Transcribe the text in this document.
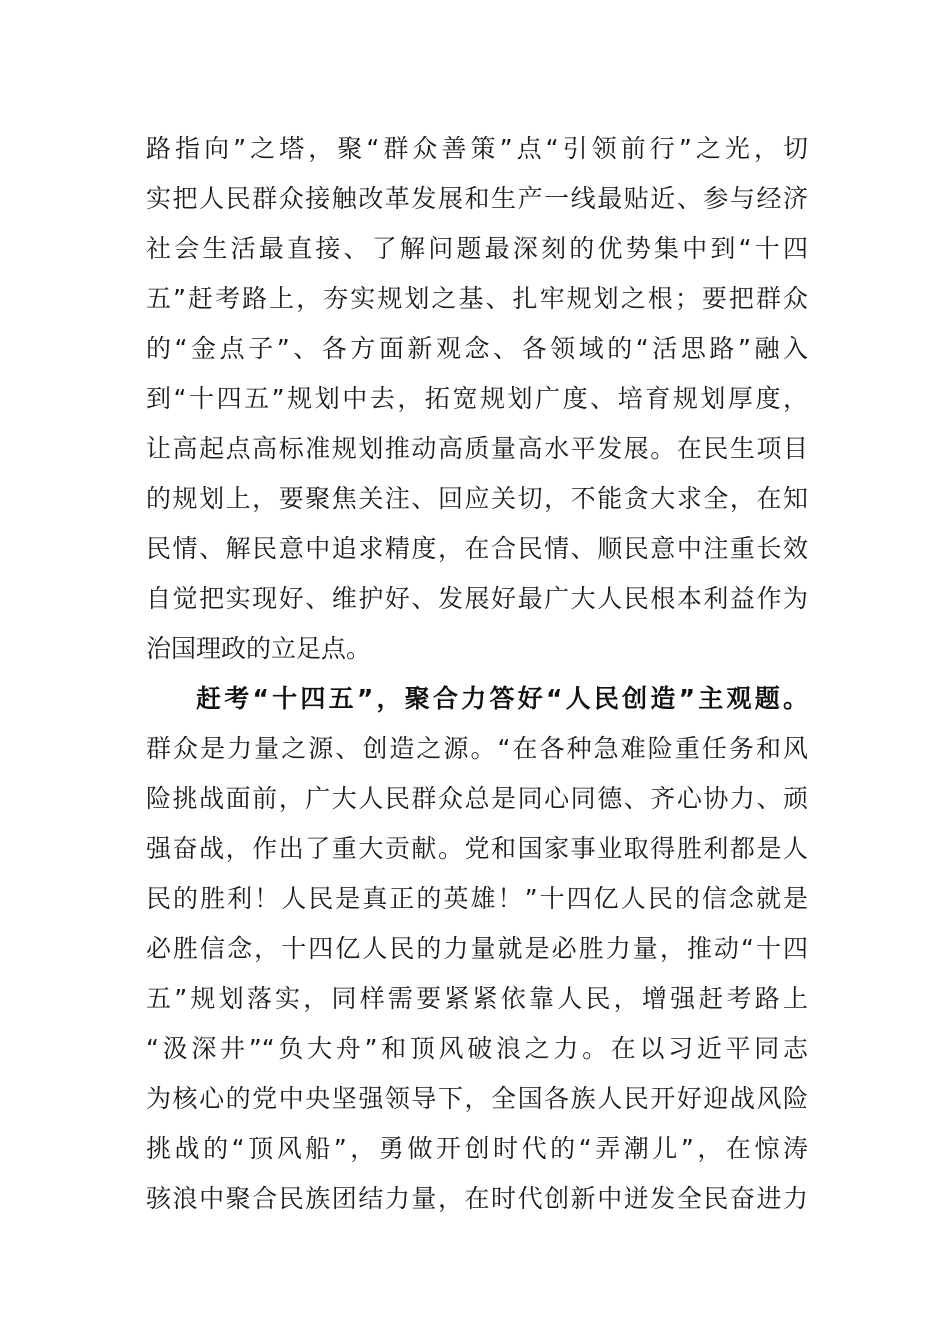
路指向”之塔，聚“群众善策”点“引领前行”之光，切
实把人民群众接触改革发展和生产一线最贴近、参与经济
社会生活最直接、了解问题最深刻的优势集中到“十四
五”赶考路上，夯实规划之基、扎牢规划之根；要把群众
的“金点子”、各方面新观念、各领域的“活思路”融入
到“十四五”规划中去，拓宽规划广度、培育规划厚度，
让高起点高标准规划推动高质量高水平发展。在民生项目
的规划上，要聚焦关注、回应关切，不能贪大求全，在知
民情、解民意中追求精度，在合民情、顺民意中注重长效
自觉把实现好、维护好、发展好最广大人民根本利益作为
治国理政的立足点。
赶考“十四五”，聚合力答好“人民创造”主观题。
群众是力量之源、创造之源。“在各种急难险重任务和风
险挑战面前，广大人民群众总是同心同德、齐心协力、顽
强奋战，作出了重大贡献。党和国家事业取得胜利都是人
民的胜利！人民是真正的英雄！”十四亿人民的信念就是
必胜信念，十四亿人民的力量就是必胜力量，推动“十四
五”规划落实，同样需要紧紧依靠人民，增强赶考路上
“汲深井”“负大舟”和顶风破浪之力。在以习近平同志
为核心的党中央坚强领导下，全国各族人民开好迎战风险
挑战的“顶风船”，勇做开创时代的“弄潮儿”，在惊涛
骇浪中聚合民族团结力量，在时代创新中迸发全民奋进力
